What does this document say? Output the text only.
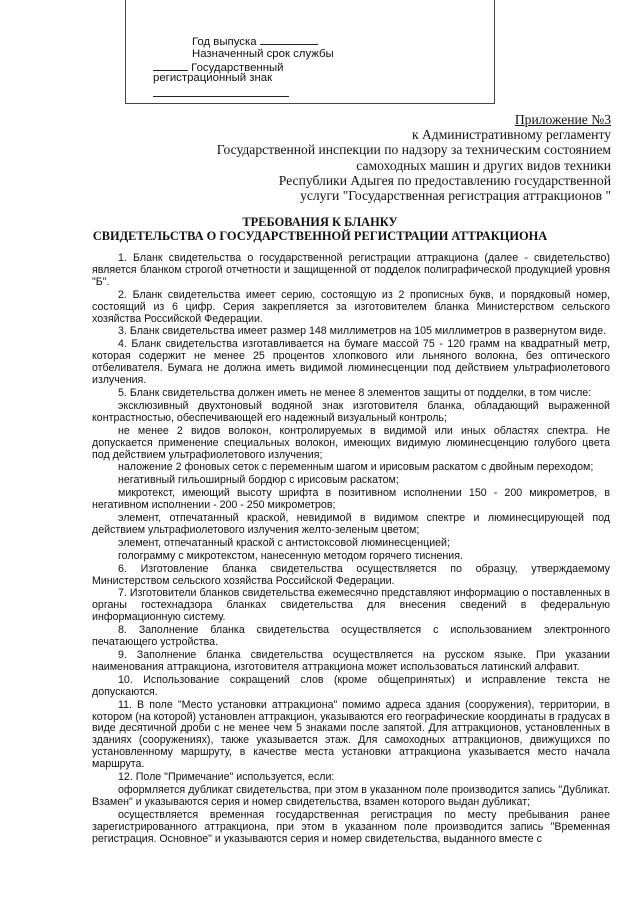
Год выпуска
Назначенный срок службы
Государственный
регистрационный знак
Приложение №3
к Административному регламенту
Государственной инспекции по надзору за техническим состоянием
самоходных машин и других видов техники
Республики Адыгея по предоставлению государственной
услуги "Государственная регистрация аттракционов "
ТРЕБОВАНИЯ К БЛАНКУ
СВИДЕТЕЛЬСТВА О ГОСУДАРСТВЕННОЙ РЕГИСТРАЦИИ АТТРАКЦИОНА

1. Бланк свидетельства о государственной регистрации аттракциона (далее - свидетельство) является бланком строгой отчетности и защищенной от подделок полиграфической продукцией уровня "Б".

2. Бланк свидетельства имеет серию, состоящую из 2 прописных букв, и порядковый номер, состоящий из 6 цифр. Серия закрепляется за изготовителем бланка Министерством сельского хозяйства Российской Федерации.

3. Бланк свидетельства имеет размер 148 миллиметров на 105 миллиметров в развернутом виде.

4. Бланк свидетельства изготавливается на бумаге массой 75 - 120 грамм на квадратный метр, которая содержит не менее 25 процентов хлопкового или льняного волокна, без оптического отбеливателя. Бумага не должна иметь видимой люминесценции под действием ультрафиолетового излучения.

5. Бланк свидетельства должен иметь не менее 8 элементов защиты от подделки, в том числе:

эксклюзивный двухтоновый водяной знак изготовителя бланка, обладающий выраженной контрастностью, обеспечивающей его надежный визуальный контроль;

не менее 2 видов волокон, контролируемых в видимой или иных областях спектра. Не допускается применение специальных волокон, имеющих видимую люминесценцию голубого цвета под действием ультрафиолетового излучения;

наложение 2 фоновых сеток с переменным шагом и ирисовым раскатом с двойным переходом;

негативный гильоширный бордюр с ирисовым раскатом;

микротекст, имеющий высоту шрифта в позитивном исполнении 150 - 200 микрометров, в негативном исполнении - 200 - 250 микрометров;

элемент, отпечатанный краской, невидимой в видимом спектре и люминесцирующей под действием ультрафиолетового излучения желто-зеленым цветом;

элемент, отпечатанный краской с антистоксовой люминесценцией;

голограмму с микротекстом, нанесенную методом горячего тиснения.

6. Изготовление бланка свидетельства осуществляется по образцу, утверждаемому Министерством сельского хозяйства Российской Федерации.

7. Изготовители бланков свидетельства ежемесячно представляют информацию о поставленных в органы гостехнадзора бланках свидетельства для внесения сведений в федеральную информационную систему.

8. Заполнение бланка свидетельства осуществляется с использованием электронного печатающего устройства.

9. Заполнение бланка свидетельства осуществляется на русском языке. При указании наименования аттракциона, изготовителя аттракциона может использоваться латинский алфавит.

10. Использование сокращений слов (кроме общепринятых) и исправление текста не допускаются.

11. В поле "Место установки аттракциона" помимо адреса здания (сооружения), территории, в котором (на которой) установлен аттракцион, указываются его географические координаты в градусах в виде десятичной дроби с не менее чем 5 знаками после запятой. Для аттракционов, установленных в зданиях (сооружениях), также указывается этаж. Для самоходных аттракционов, движущихся по установленному маршруту, в качестве места установки аттракциона указывается место начала маршрута.

12. Поле "Примечание" используется, если:

оформляется дубликат свидетельства, при этом в указанном поле производится запись "Дубликат. Взамен" и указываются серия и номер свидетельства, взамен которого выдан дубликат;

осуществляется временная государственная регистрация по месту пребывания ранее зарегистрированного аттракциона, при этом в указанном поле производится запись "Временная регистрация. Основное" и указываются серия и номер свидетельства, выданного вместе с
